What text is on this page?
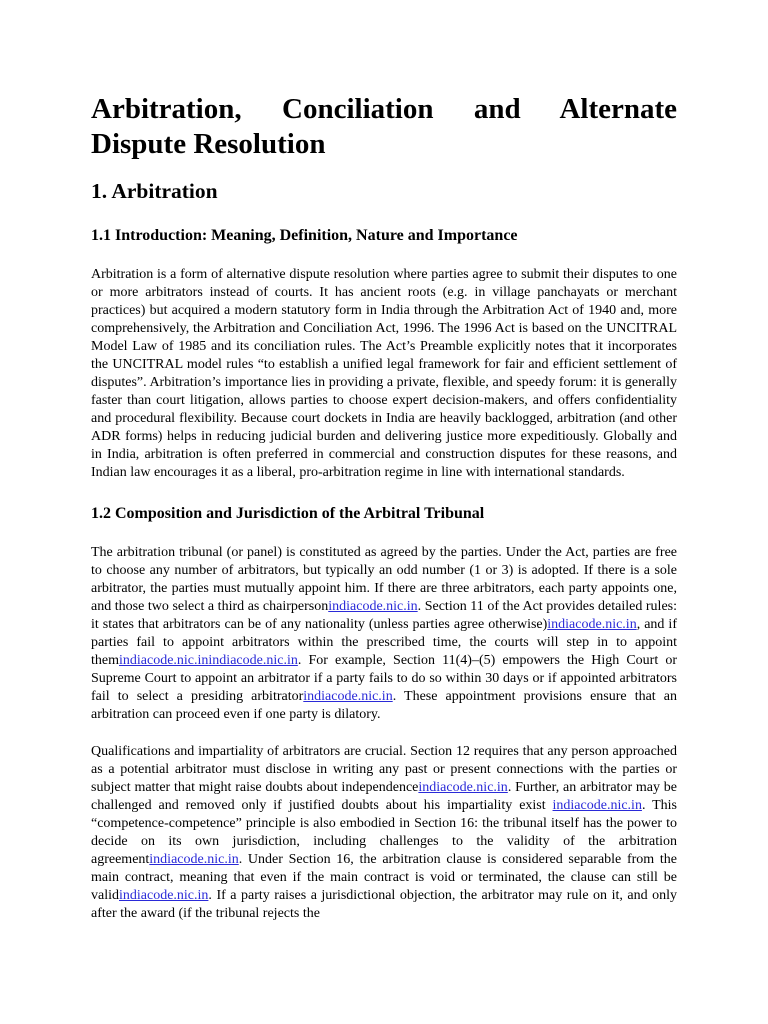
Arbitration, Conciliation and Alternate Dispute Resolution
1. Arbitration
1.1 Introduction: Meaning, Definition, Nature and Importance

Arbitration is a form of alternative dispute resolution where parties agree to submit their disputes to one or more arbitrators instead of courts. It has ancient roots (e.g. in village panchayats or merchant practices) but acquired a modern statutory form in India through the Arbitration Act of 1940 and, more comprehensively, the Arbitration and Conciliation Act, 1996. The 1996 Act is based on the UNCITRAL Model Law of 1985 and its conciliation rules. The Act’s Preamble explicitly notes that it incorporates the UNCITRAL model rules “to establish a unified legal framework for fair and efficient settlement of disputes”. Arbitration’s importance lies in providing a private, flexible, and speedy forum: it is generally faster than court litigation, allows parties to choose expert decision-makers, and offers confidentiality and procedural flexibility. Because court dockets in India are heavily backlogged, arbitration (and other ADR forms) helps in reducing judicial burden and delivering justice more expeditiously. Globally and in India, arbitration is often preferred in commercial and construction disputes for these reasons, and Indian law encourages it as a liberal, pro-arbitration regime in line with international standards.

1.2 Composition and Jurisdiction of the Arbitral Tribunal

The arbitration tribunal (or panel) is constituted as agreed by the parties. Under the Act, parties are free to choose any number of arbitrators, but typically an odd number (1 or 3) is adopted. If there is a sole arbitrator, the parties must mutually appoint him. If there are three arbitrators, each party appoints one, and those two select a third as chairpersonindiacode.nic.in. Section 11 of the Act provides detailed rules: it states that arbitrators can be of any nationality (unless parties agree otherwise)indiacode.nic.in, and if parties fail to appoint arbitrators within the prescribed time, the courts will step in to appoint themindiacode.nic.inindiacode.nic.in. For example, Section 11(4)–(5) empowers the High Court or Supreme Court to appoint an arbitrator if a party fails to do so within 30 days or if appointed arbitrators fail to select a presiding arbitratorindiacode.nic.in. These appointment provisions ensure that an arbitration can proceed even if one party is dilatory.

Qualifications and impartiality of arbitrators are crucial. Section 12 requires that any person approached as a potential arbitrator must disclose in writing any past or present connections with the parties or subject matter that might raise doubts about independenceindiacode.nic.in. Further, an arbitrator may be challenged and removed only if justified doubts about his impartiality exist indiacode.nic.in. This “competence-competence” principle is also embodied in Section 16: the tribunal itself has the power to decide on its own jurisdiction, including challenges to the validity of the arbitration agreementindiacode.nic.in. Under Section 16, the arbitration clause is considered separable from the main contract, meaning that even if the main contract is void or terminated, the clause can still be validindiacode.nic.in. If a party raises a jurisdictional objection, the arbitrator may rule on it, and only after the award (if the tribunal rejects the
